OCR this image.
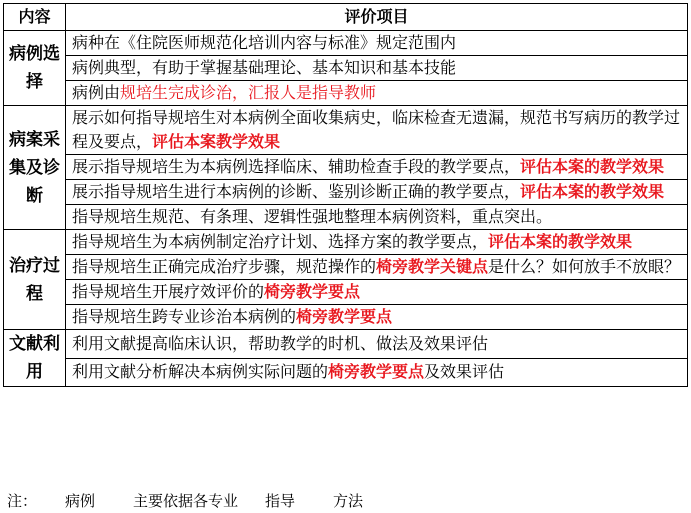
内容	评价项目
病例选择	病种在《住院医师规范化培训内容与标准》规定范围内
	病例典型，有助于掌握基础理论、基本知识和基本技能
	病例由规培生完成诊治，汇报人是指导教师
病案采集及诊断	展示如何指导规培生对本病例全面收集病史，临床检查无遗漏，规范书写病历的教学过程及要点，评估本案教学效果
	展示指导规培生为本病例选择临床、辅助检查手段的教学要点，评估本案的教学效果
	展示指导规培生进行本病例的诊断、鉴别诊断正确的教学要点，评估本案的教学效果
	指导规培生规范、有条理、逻辑性强地整理本病例资料，重点突出。
治疗过程	指导规培生为本病例制定治疗计划、选择方案的教学要点，评估本案的教学效果
	指导规培生正确完成治疗步骤，规范操作的椅旁教学关键点是什么？如何放手不放眼？
	指导规培生开展疗效评价的椅旁教学要点
	指导规培生跨专业诊治本病例的椅旁教学要点
文献利用	利用文献提高临床认识，帮助教学的时机、做法及效果评估
	利用文献分析解决本病例实际问题的椅旁教学要点及效果评估
注： 病例	主要依据各专业 指导	方法
